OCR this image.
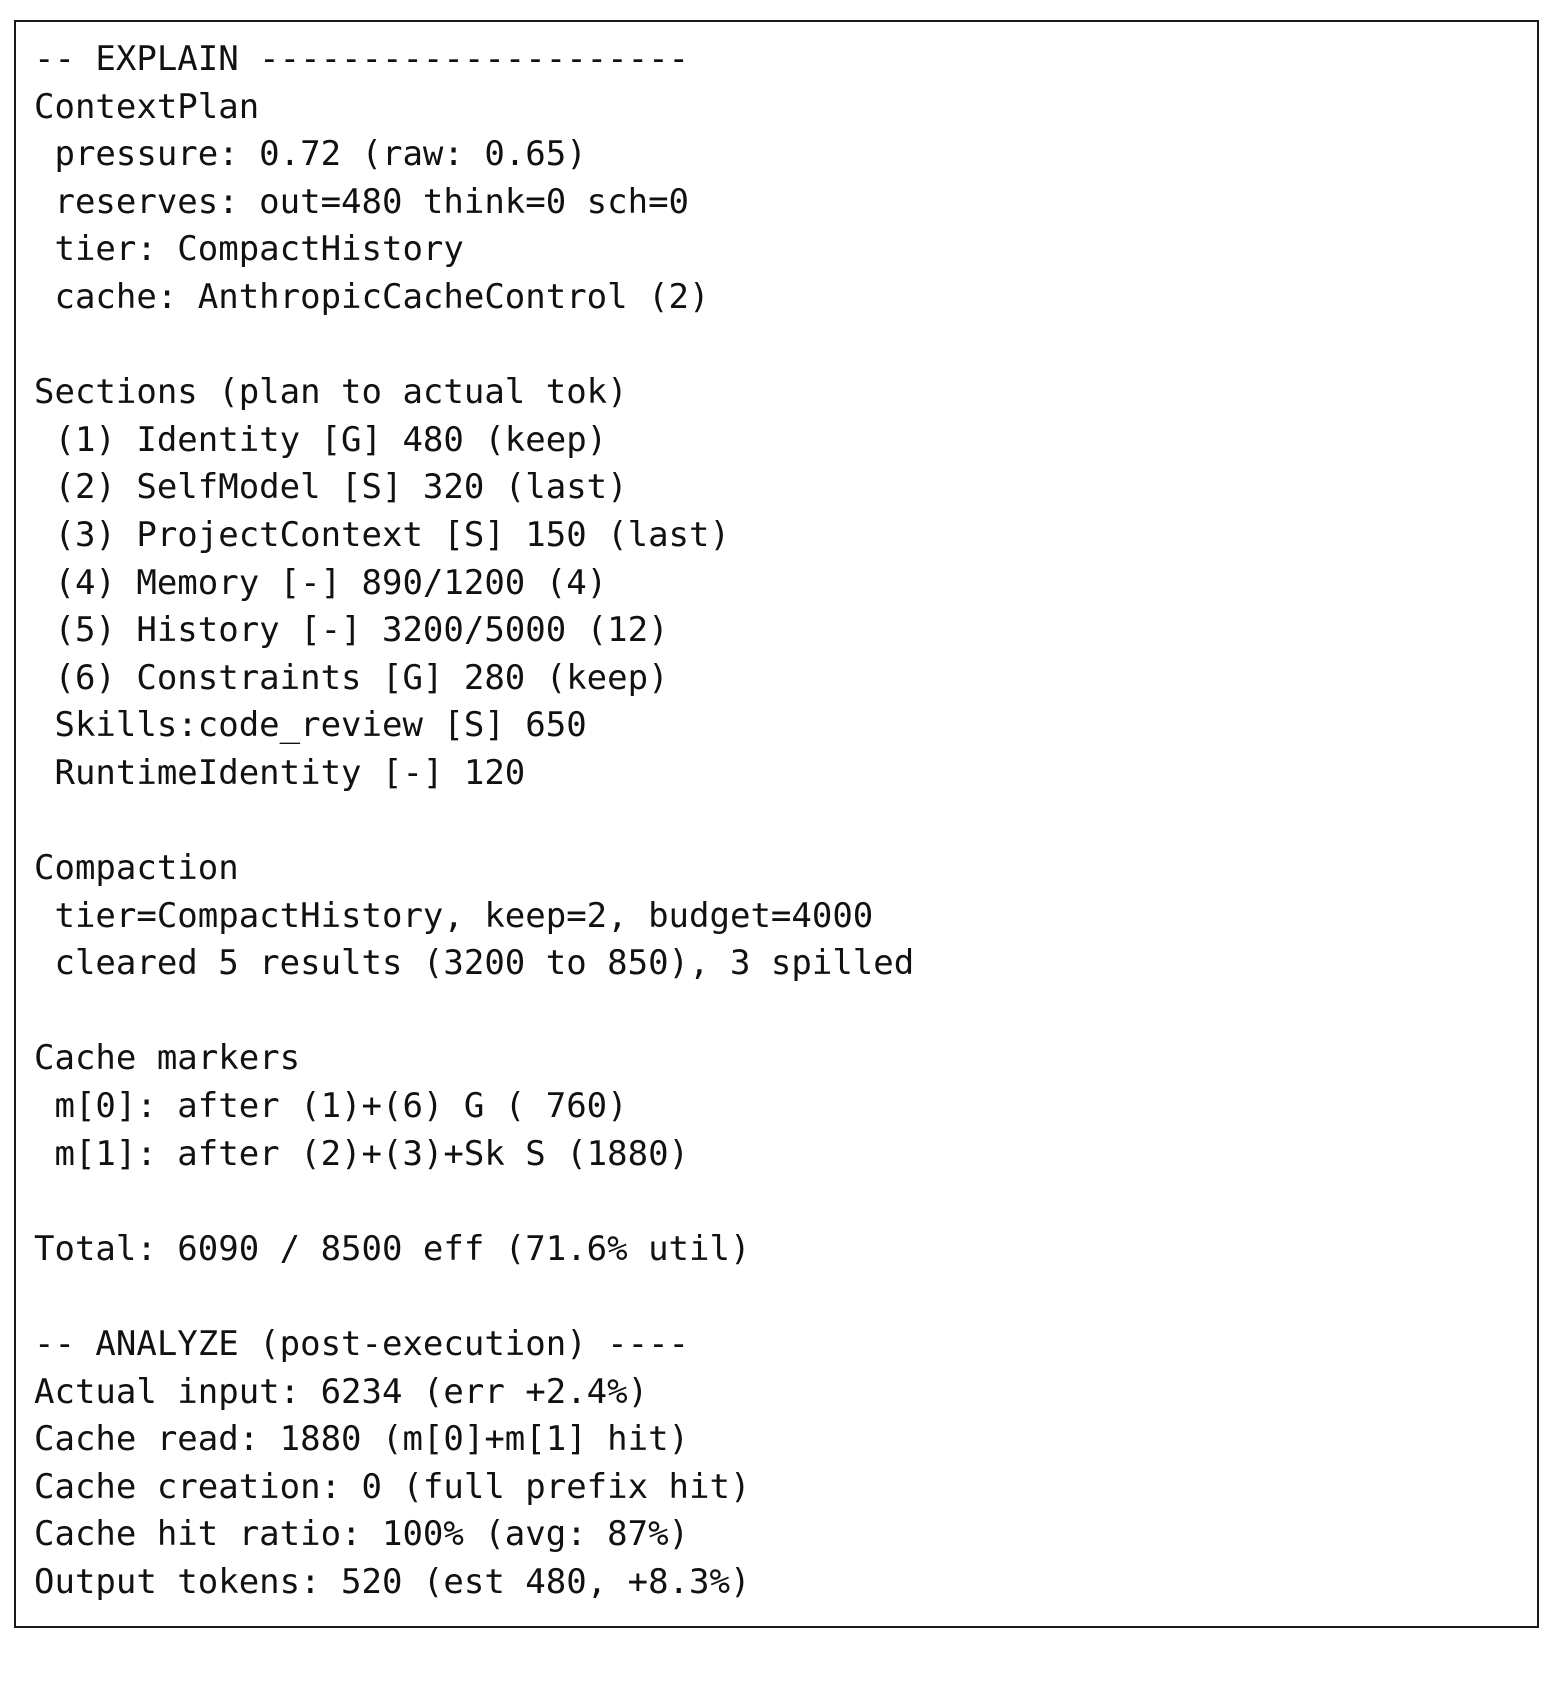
-- EXPLAIN ---------------------
ContextPlan
pressure: 0.72 (raw: 0.65)
reserves: out=480 think=0 sch=0
tier: CompactHistory
cache: AnthropicCacheControl (2)
Sections (plan to actual tok)
(1) Identity [G] 480 (keep)
(2) SelfModel [S] 320 (last)
(3) ProjectContext [S] 150 (last)
(4) Memory [-] 890/1200 (4)
(5) History [-] 3200/5000 (12)
(6) Constraints [G] 280 (keep)
Skills:code_review [S] 650
RuntimeIdentity [-] 120
Compaction
tier=CompactHistory, keep=2, budget=4000
cleared 5 results (3200 to 850), 3 spilled
Cache markers
m[0]: after (1)+(6) G ( 760)
m[1]: after (2)+(3)+Sk S (1880)
Total: 6090 / 8500 eff (71.6% util)
-- ANALYZE (post-execution) ----
Actual input: 6234 (err +2.4%)
Cache read: 1880 (m[0]+m[1] hit)
Cache creation: 0 (full prefix hit)
Cache hit ratio: 100% (avg: 87%)
Output tokens: 520 (est 480, +8.3%)
